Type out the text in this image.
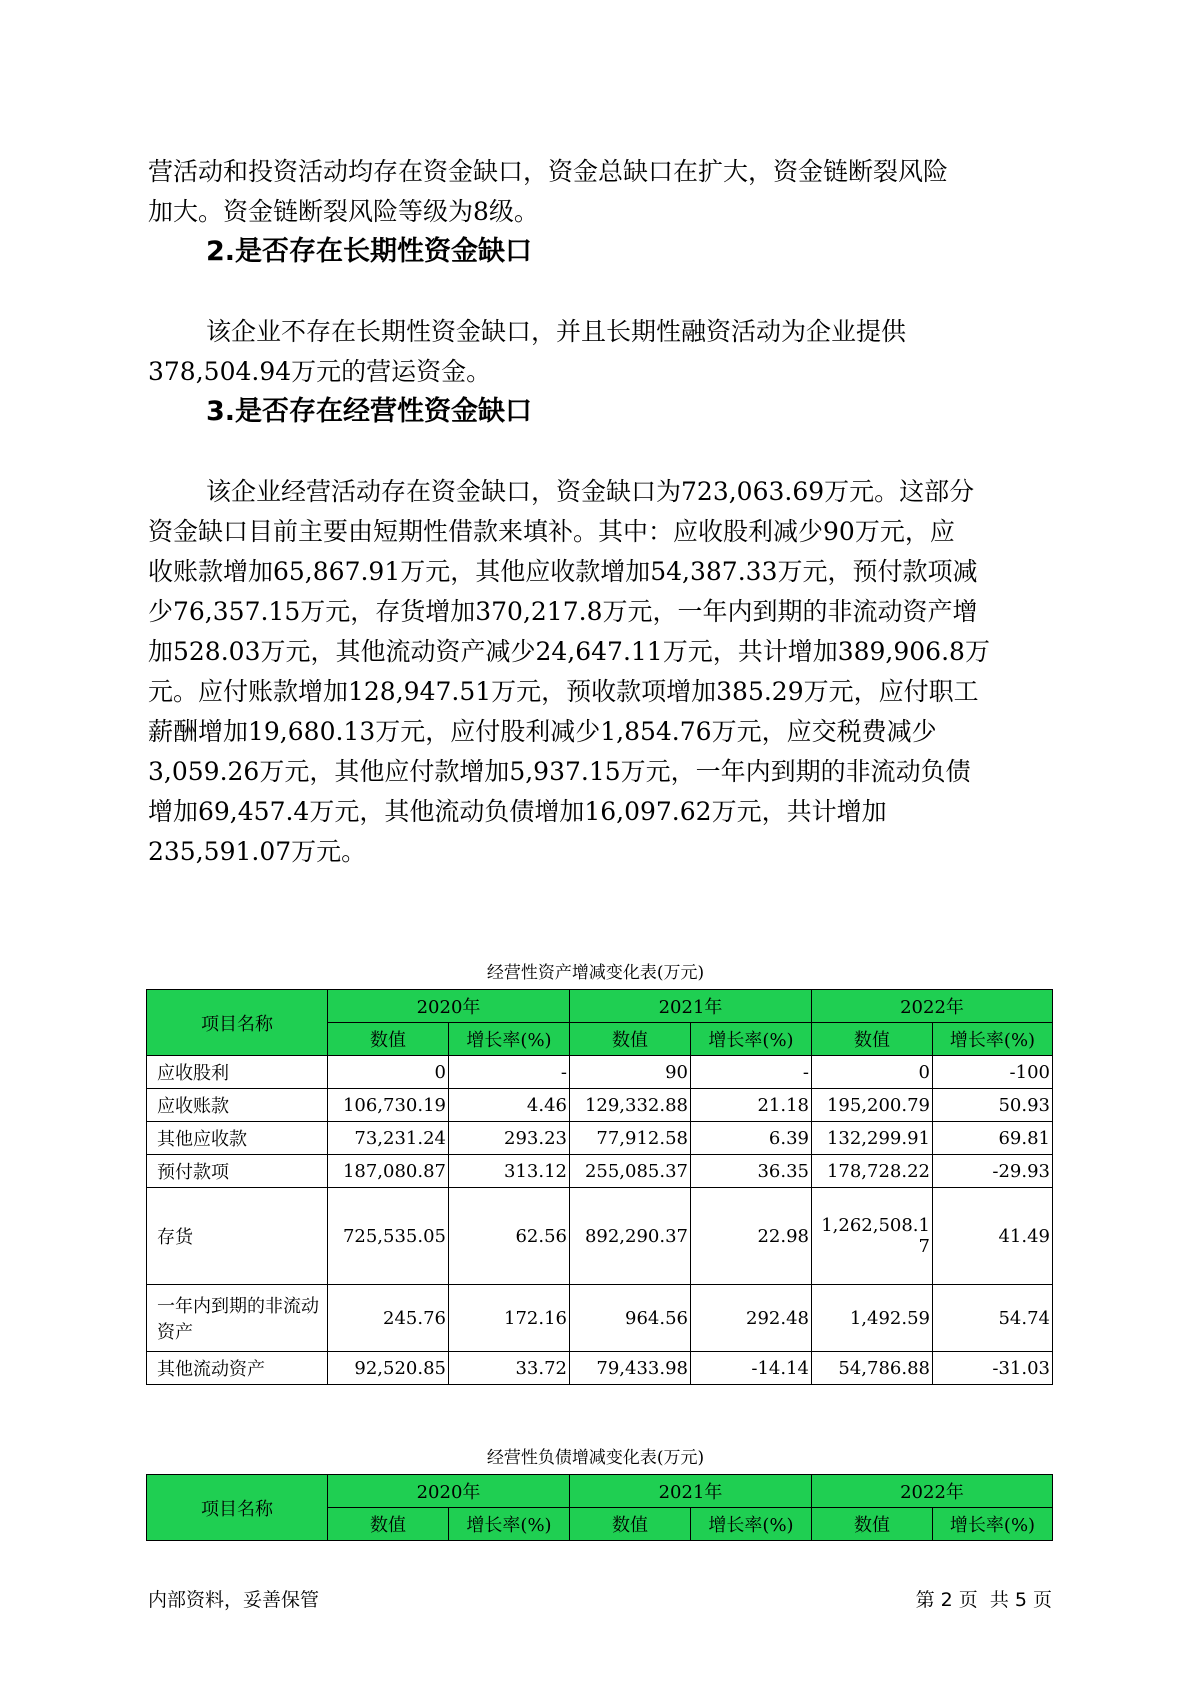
营活动和投资活动均存在资金缺口，资金总缺口在扩大，资金链断裂风险
加大。资金链断裂风险等级为8级。
2.是否存在长期性资金缺口
该企业不存在长期性资金缺口，并且长期性融资活动为企业提供
378,504.94万元的营运资金。
3.是否存在经营性资金缺口
该企业经营活动存在资金缺口，资金缺口为723,063.69万元。这部分
资金缺口目前主要由短期性借款来填补。其中：应收股利减少90万元，应
收账款增加65,867.91万元，其他应收款增加54,387.33万元，预付款项减
少76,357.15万元，存货增加370,217.8万元，一年内到期的非流动资产增
加528.03万元，其他流动资产减少24,647.11万元，共计增加389,906.8万
元。应付账款增加128,947.51万元，预收款项增加385.29万元，应付职工
薪酬增加19,680.13万元，应付股利减少1,854.76万元，应交税费减少
3,059.26万元，其他应付款增加5,937.15万元，一年内到期的非流动负债
增加69,457.4万元，其他流动负债增加16,097.62万元，共计增加
235,591.07万元。
经营性资产增减变化表(万元)
项目名称	2020年		2021年		2022年	
	数值	增长率(%)	数值	增长率(%)	数值	增长率(%)
应收股利	0	-	90	-	0	-100
应收账款	106,730.19	4.46	129,332.88	21.18	195,200.79	50.93
其他应收款	73,231.24	293.23	77,912.58	6.39	132,299.91	69.81
预付款项	187,080.87	313.12	255,085.37	36.35	178,728.22	-29.93
存货	725,535.05	62.56	892,290.37	22.98	1,262,508.17	41.49
一年内到期的非流动资产	245.76	172.16	964.56	292.48	1,492.59	54.74
其他流动资产	92,520.85	33.72	79,433.98	-14.14	54,786.88	-31.03
经营性负债增减变化表(万元)
项目名称	2020年		2021年		2022年	
	数值	增长率(%)	数值	增长率(%)	数值	增长率(%)
内部资料，妥善保管	第 2 页  共 5 页
